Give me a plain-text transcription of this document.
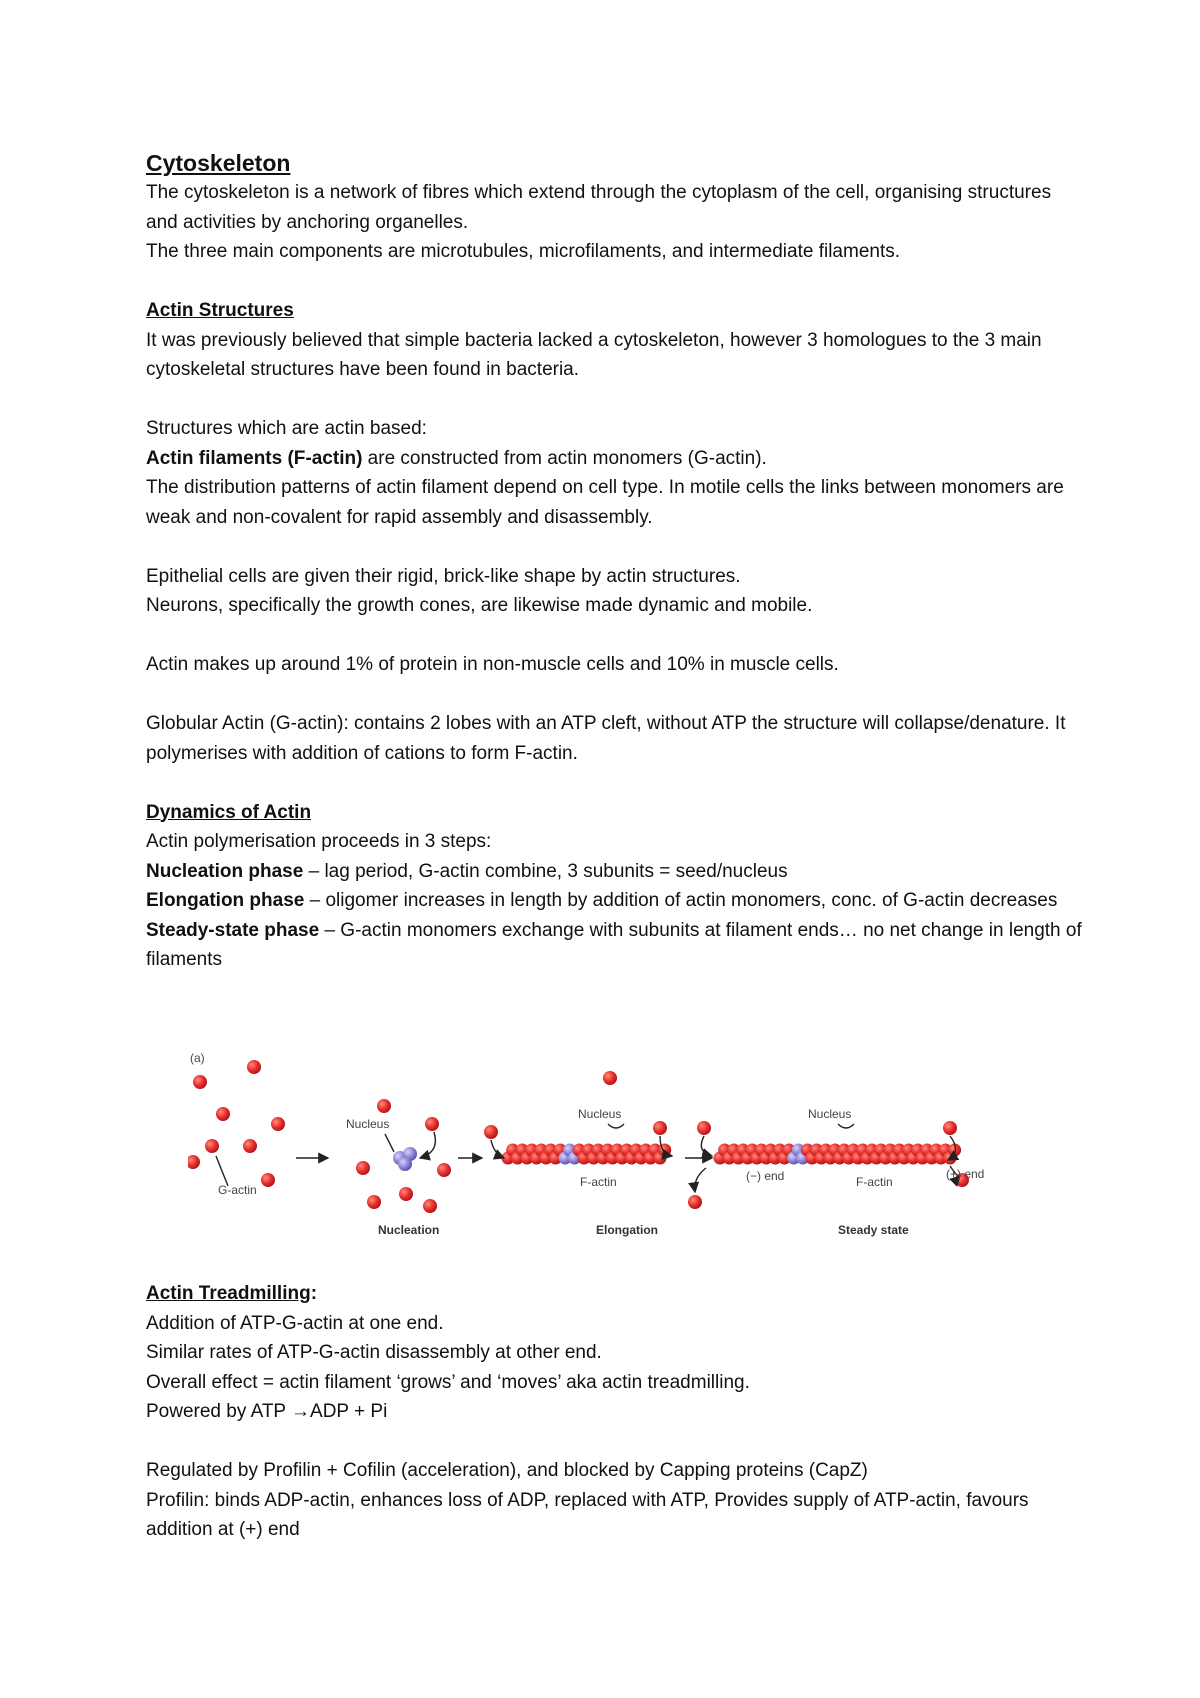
Cytoskeleton

The cytoskeleton is a network of fibres which extend through the cytoplasm of the cell, organising structures and activities by anchoring organelles.

The three main components are microtubules, microfilaments, and intermediate filaments.

Actin Structures

It was previously believed that simple bacteria lacked a cytoskeleton, however 3 homologues to the 3 main cytoskeletal structures have been found in bacteria.

Structures which are actin based:

Actin filaments (F-actin) are constructed from actin monomers (G-actin).

The distribution patterns of actin filament depend on cell type. In motile cells the links between monomers are weak and non-covalent for rapid assembly and disassembly.

Epithelial cells are given their rigid, brick-like shape by actin structures.

Neurons, specifically the growth cones, are likewise made dynamic and mobile.

Actin makes up around 1% of protein in non-muscle cells and 10% in muscle cells.

Globular Actin (G-actin): contains 2 lobes with an ATP cleft, without ATP the structure will collapse/denature. It polymerises with addition of cations to form F-actin.

Dynamics of Actin

Actin polymerisation proceeds in 3 steps:

Nucleation phase – lag period, G-actin combine, 3 subunits = seed/nucleus

Elongation phase – oligomer increases in length by addition of actin monomers, conc. of G-actin decreases

Steady-state phase – G-actin monomers exchange with subunits at filament ends… no net change in length of filaments

(a)
G-actin
Nucleus
Nucleus	Nucleus
F-actin	F-actin
(−) end	(+) end
Nucleation	Elongation	Steady state

Actin Treadmilling:

Addition of ATP-G-actin at one end.

Similar rates of ATP-G-actin disassembly at other end.

Overall effect = actin filament ‘grows’ and ‘moves’ aka actin treadmilling.

Powered by ATP →ADP + Pi

Regulated by Profilin + Cofilin (acceleration), and blocked by Capping proteins (CapZ)

Profilin: binds ADP-actin, enhances loss of ADP, replaced with ATP, Provides supply of ATP-actin, favours addition at (+) end
